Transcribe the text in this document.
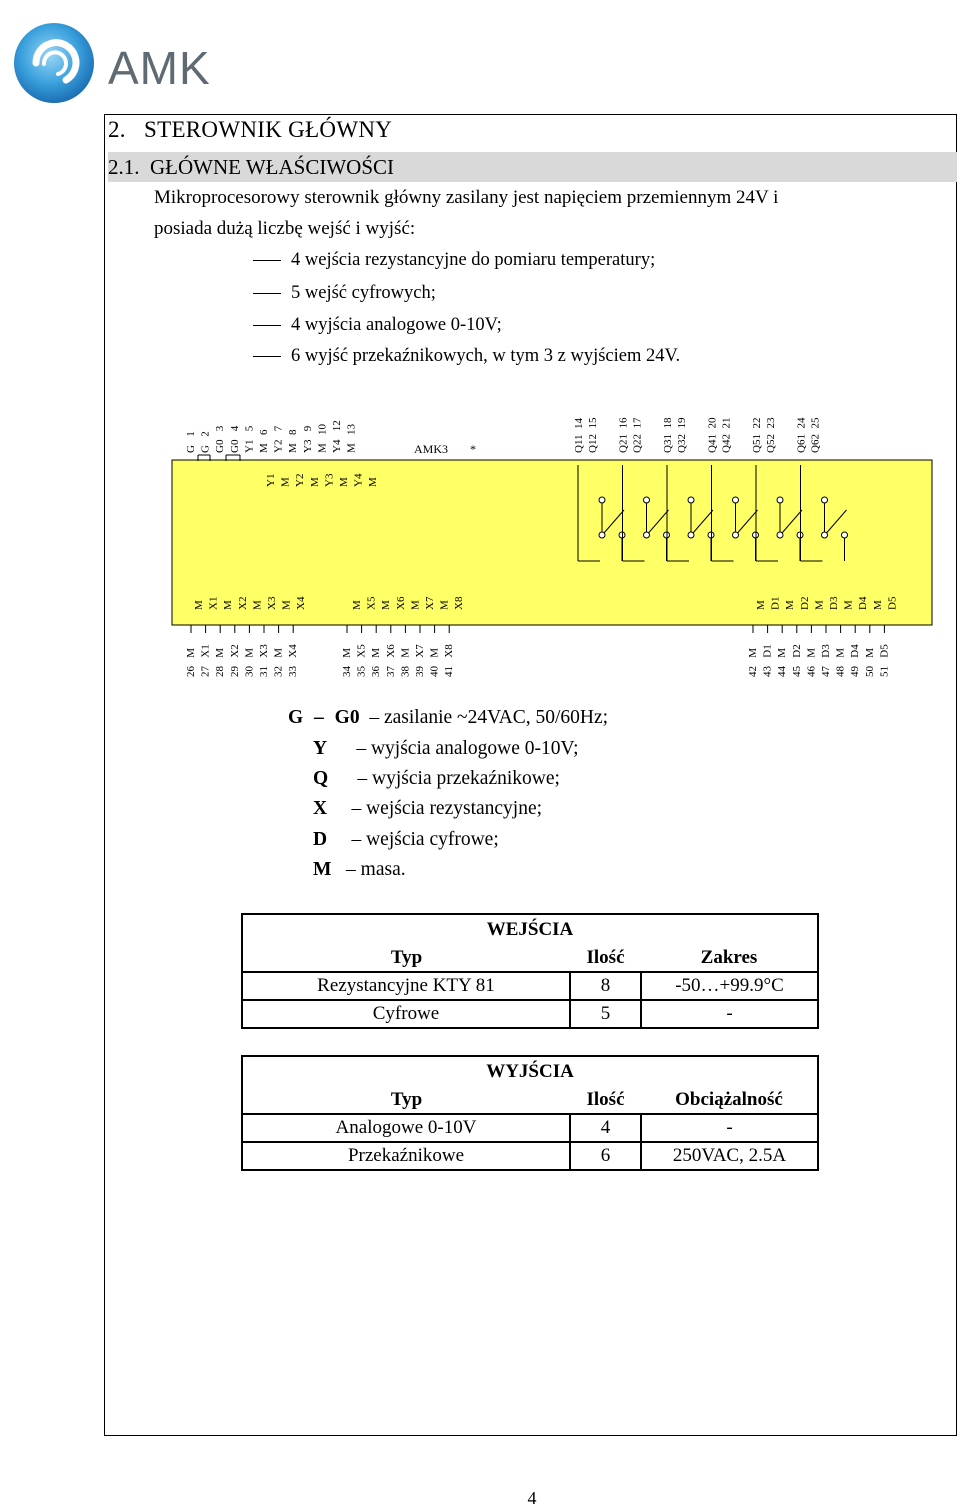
AMK
2.   STEROWNIK GŁÓWNY
2.1.  GŁÓWNE WŁAŚCIWOŚCI
Mikroprocesorowy sterownik główny zasilany jest napięciem przemiennym 24V i
posiada dużą liczbę wejść i wyjść:
4 wejścia rezystancyjne do pomiaru temperatury;
5 wejść cyfrowych;
4 wyjścia analogowe 0-10V;
6 wyjść przekaźnikowych, w tym 3 z wyjściem 24V.
AMK3 *
G   1 G   2 G0   3 G0   4 Y1   5 M   6 Y2   7 M   8 Y3   9 M   10 Y4   12 M   13
Y1 M Y2 M Y3 M Y4 M
Q11  14 Q12  15 Q21  16 Q22  17 Q31  18 Q32  19 Q41  20 Q42  21 Q51  22 Q52  23 Q61  24 Q62  25
M X1 M X2 M X3 M X4	M X5 M X6 M X7 M X8	M D1 M D2 M D3 M D4 M D5
26   M 27   X1 28   M 29   X2 30   M 31   X3 32   M 33   X4	34   M 35   X5 36   M 37   X6 38   M 39   X7 40   M 41   X8	42   M 43   D1 44   M 45   D2 46   M 47   D3 48   M 49   D4 50   M 51   D5
G – G0 – zasilanie ~24VAC, 50/60Hz;
Y – wyjścia analogowe 0-10V;
Q – wyjścia przekaźnikowe;
X – wejścia rezystancyjne;
D – wejścia cyfrowe;
M – masa.
WEJŚCIA		
Typ	Ilość	Zakres
Rezystancyjne KTY 81	8	-50…+99.9°C
Cyfrowe	5	-
WYJŚCIA		
Typ	Ilość	Obciążalność
Analogowe 0-10V	4	-
Przekaźnikowe	6	250VAC, 2.5A
4
